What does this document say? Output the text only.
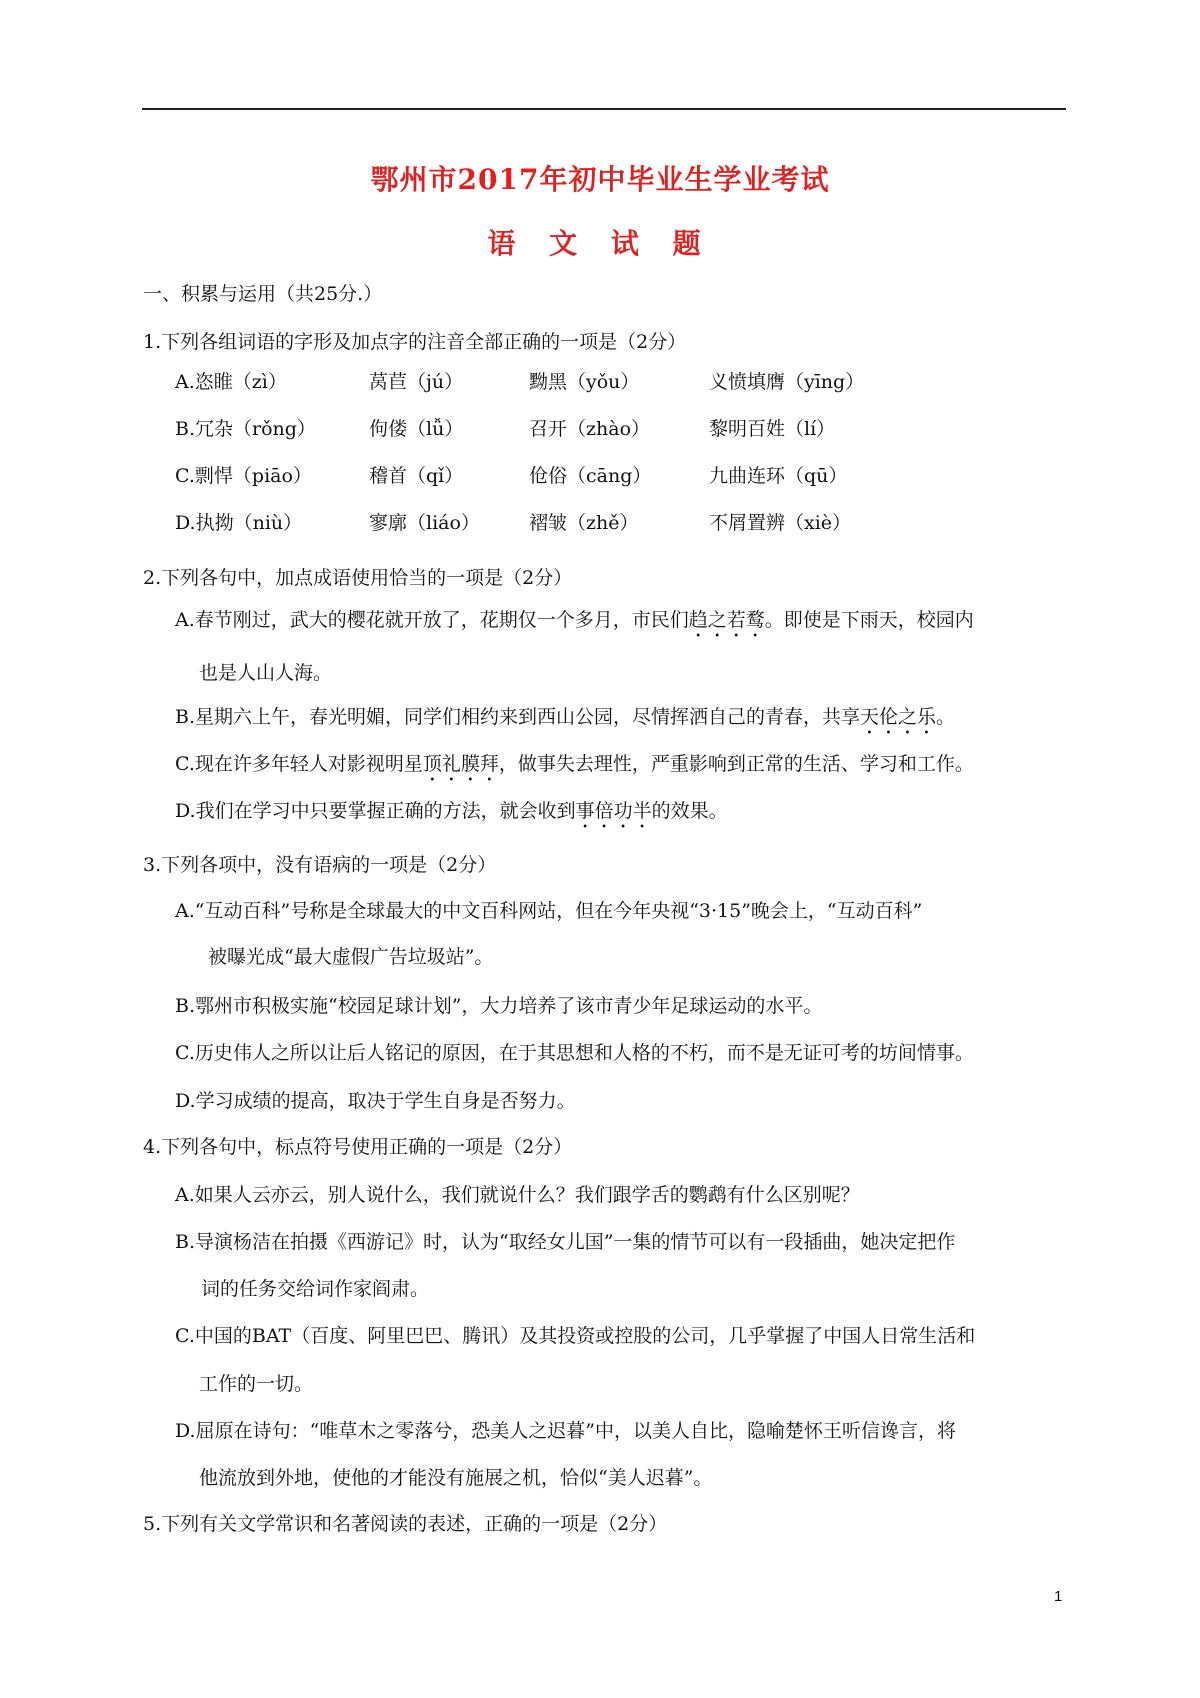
鄂州市2017年初中毕业生学业考试
语 文 试 题
一、积累与运用（共25分.）
1.下列各组词语的字形及加点字的注音全部正确的一项是（2分）
A.恣睢（zì）	莴苣（jú）	黝黑（yǒu）	义愤填膺（yīng）
B.冗杂（rǒng）	佝偻（lǚ）	召开（zhào）	黎明百姓（lí）
C.剽悍（piāo）	稽首（qǐ）	伧俗（cāng）	九曲连环（qū）
D.执拗（niù）	寥廓（liáo）	褶皱（zhě）	不屑置辨（xiè）
2.下列各句中，加点成语使用恰当的一项是（2分）
A.春节刚过，武大的樱花就开放了，花期仅一个多月，市民们趋之若鹜。即使是下雨天，校园内
也是人山人海。
B.星期六上午，春光明媚，同学们相约来到西山公园，尽情挥洒自己的青春，共享天伦之乐。
C.现在许多年轻人对影视明星顶礼膜拜，做事失去理性，严重影响到正常的生活、学习和工作。
D.我们在学习中只要掌握正确的方法，就会收到事倍功半的效果。
3.下列各项中，没有语病的一项是（2分）
A.“互动百科”号称是全球最大的中文百科网站，但在今年央视“3·15”晚会上，“互动百科”
被曝光成“最大虚假广告垃圾站”。
B.鄂州市积极实施“校园足球计划”，大力培养了该市青少年足球运动的水平。
C.历史伟人之所以让后人铭记的原因，在于其思想和人格的不朽，而不是无证可考的坊间情事。
D.学习成绩的提高，取决于学生自身是否努力。
4.下列各句中，标点符号使用正确的一项是（2分）
A.如果人云亦云，别人说什么，我们就说什么？我们跟学舌的鹦鹉有什么区别呢？
B.导演杨洁在拍摄《西游记》时，认为“取经女儿国”一集的情节可以有一段插曲，她决定把作
词的任务交给词作家阎肃。
C.中国的BAT（百度、阿里巴巴、腾讯）及其投资或控股的公司，几乎掌握了中国人日常生活和
工作的一切。
D.屈原在诗句：“唯草木之零落兮，恐美人之迟暮”中，以美人自比，隐喻楚怀王听信谗言，将
他流放到外地，使他的才能没有施展之机，恰似“美人迟暮”。
5.下列有关文学常识和名著阅读的表述，正确的一项是（2分）
1
